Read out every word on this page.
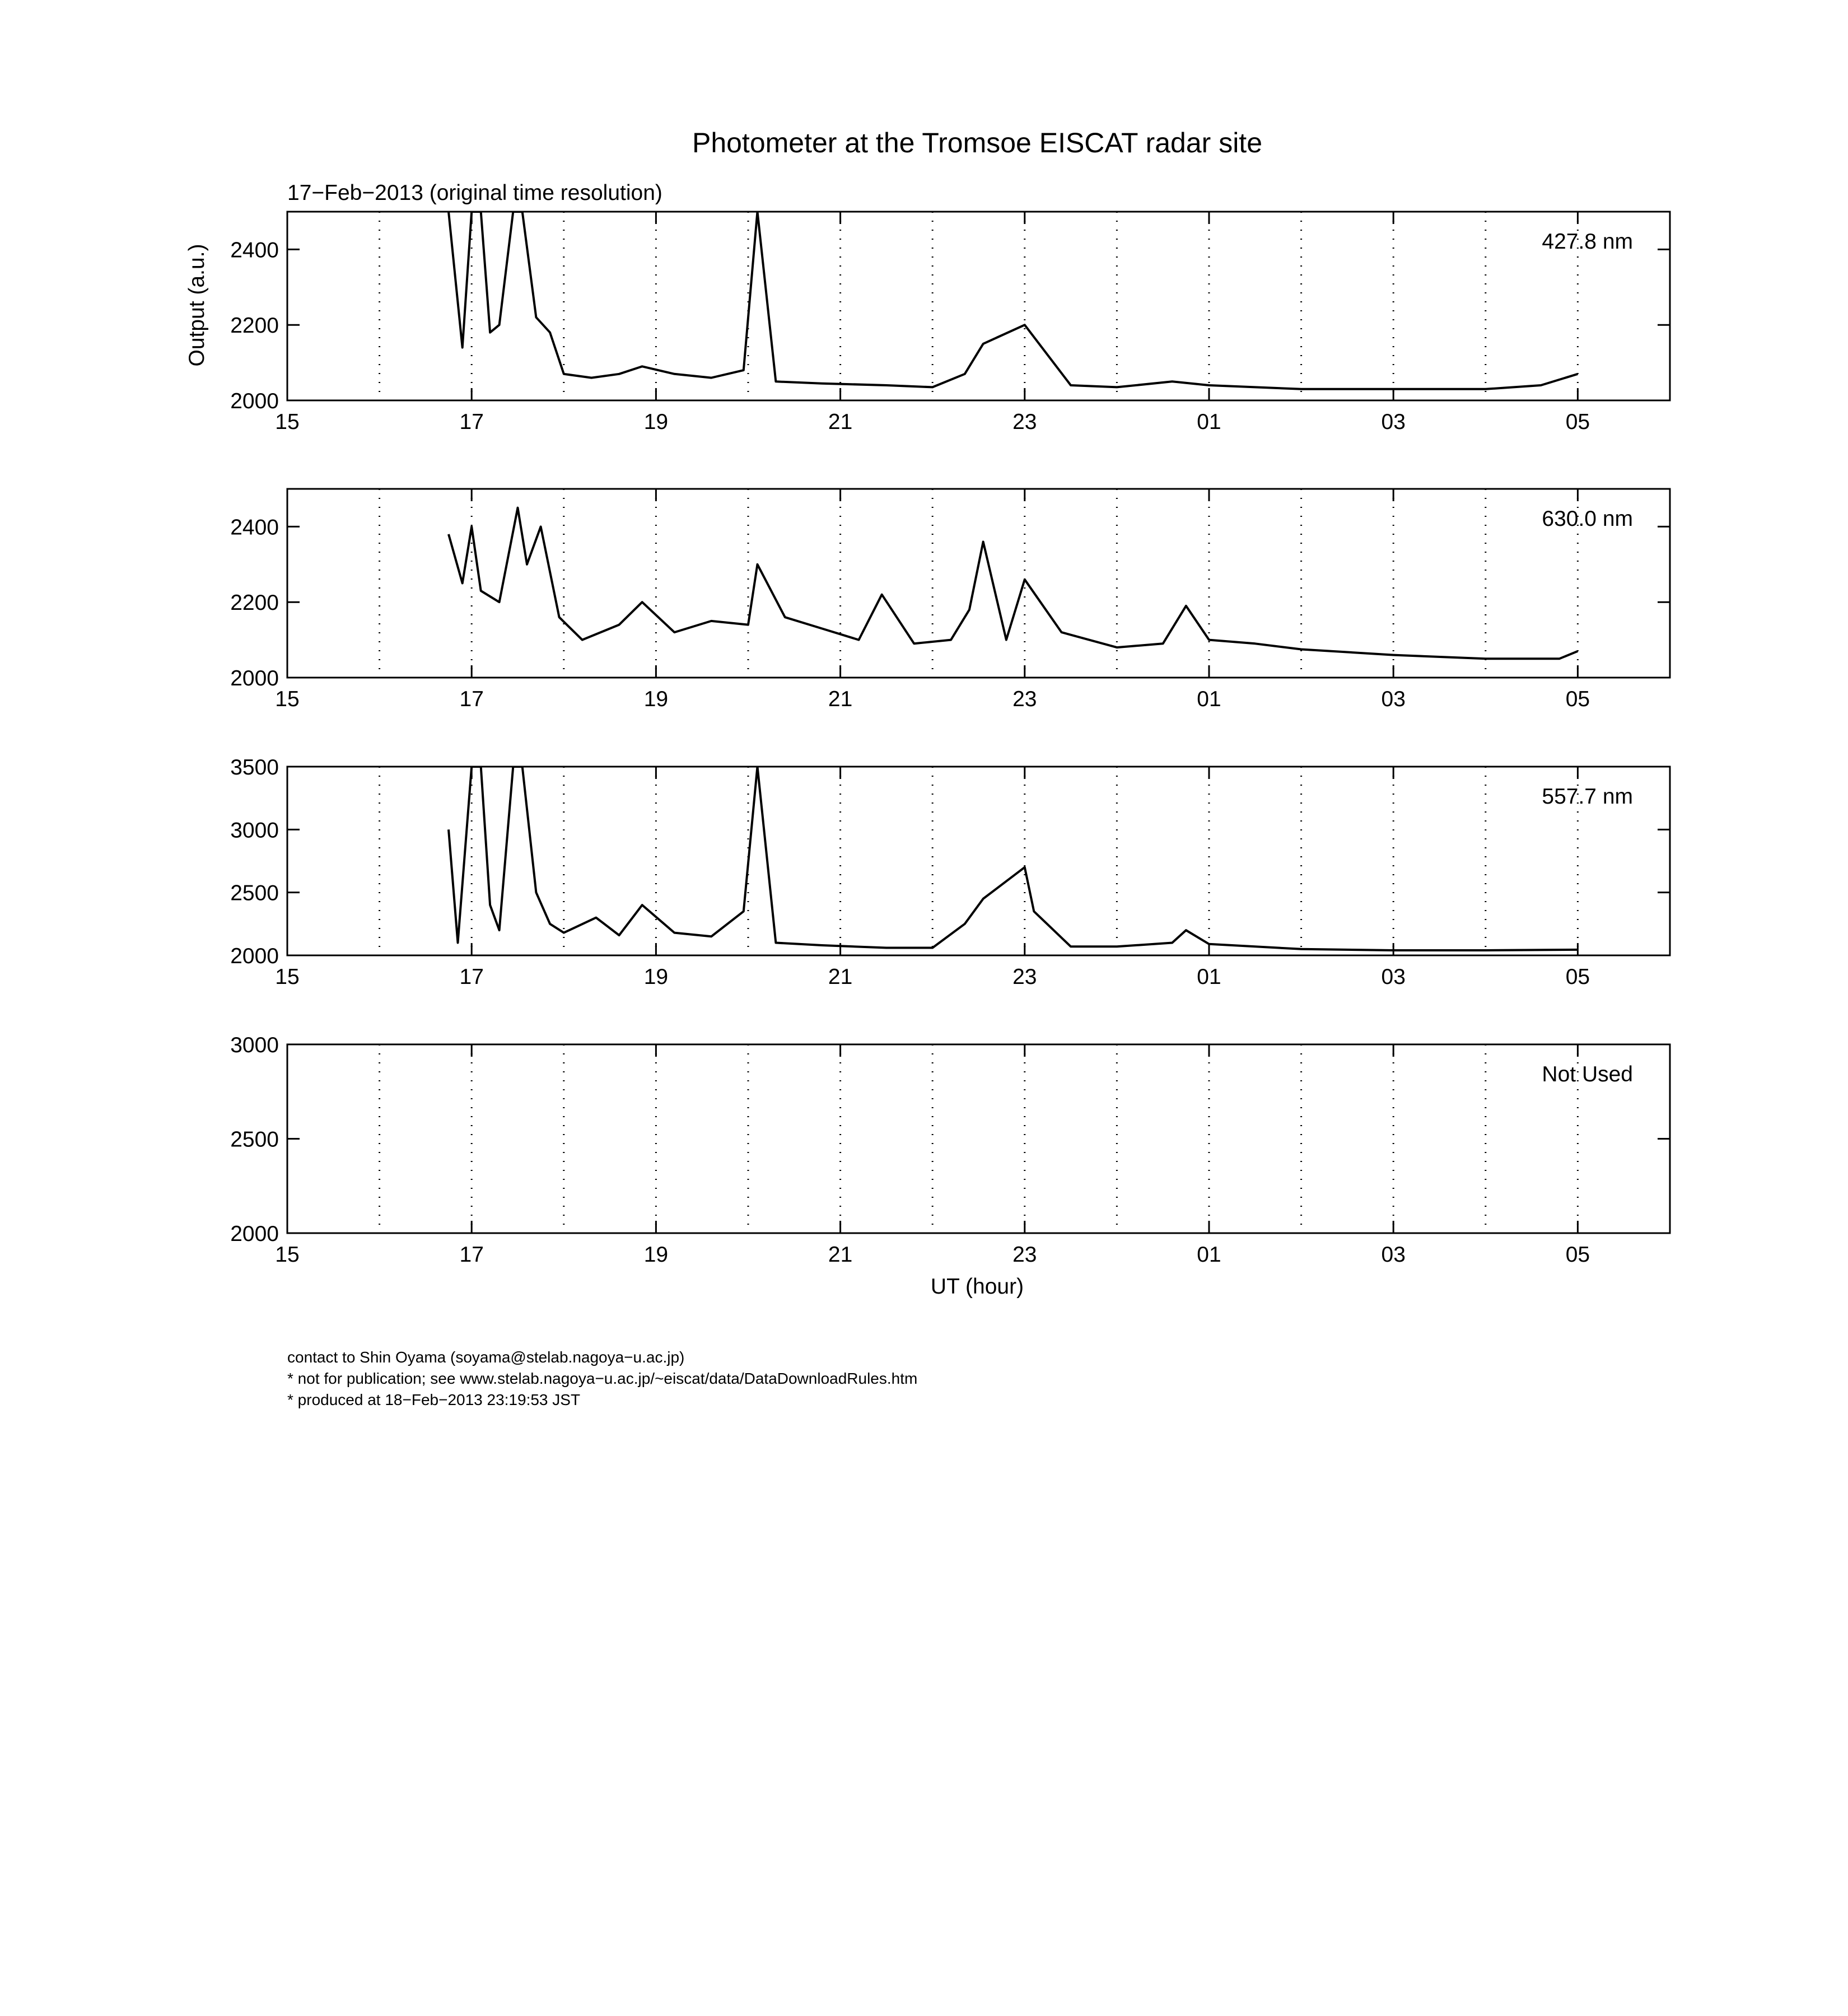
Photometer at the Tromsoe EISCAT radar site
17−Feb−2013 (original time resolution)
Output (a.u.)
UT (hour)
15	17	19	21	23	01	03	05
2000
2200
2400	427.8 nm
15	17	19	21	23	01	03	05
2000
2200
2400	630.0 nm
15	17	19	21	23	01	03	05
2000
2500
3000
3500
557.7 nm
15	17	19	21	23	01	03	05
2000
2500
3000
Not Used
contact to Shin Oyama (soyama@stelab.nagoya−u.ac.jp)
* not for publication; see www.stelab.nagoya−u.ac.jp/~eiscat/data/DataDownloadRules.htm
* produced at 18−Feb−2013 23:19:53 JST
